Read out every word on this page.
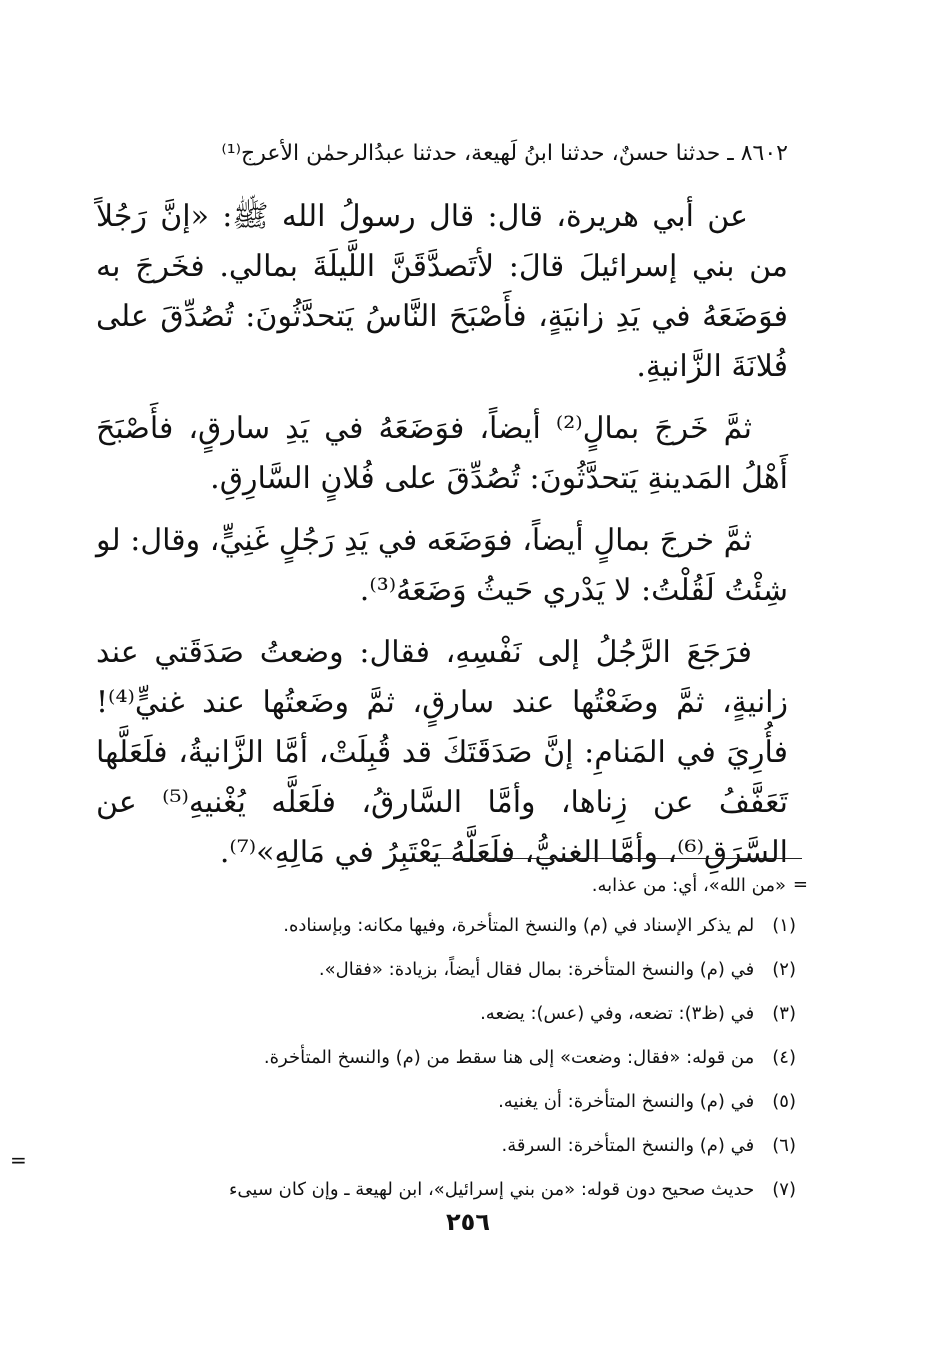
٨٦٠٢ ـ حدثنا حسنٌ، حدثنا ابنُ لَهيعة، حدثنا عبدُالرحمٰن الأعرج⁽¹⁾

عن أبي هريرة، قال: قال رسولُ الله ﷺ: «إنَّ رَجُلاً من بني إسرائيلَ قالَ: لأتَصدَّقَنَّ اللَّيلَةَ بمالي. فخَرجَ به فوَضَعَهُ في يَدِ زانيَةٍ، فأَصْبَحَ النَّاسُ يَتحدَّثُونَ: تُصُدِّقَ على فُلانَةَ الزَّانيةِ.

ثمَّ خَرجَ بمالٍ⁽²⁾ أيضاً، فوَضَعَهُ في يَدِ سارقٍ، فأَصْبَحَ أَهْلُ المَدينةِ يَتحدَّثُونَ: تُصُدِّقَ على فُلانٍ السَّارِقِ.

ثمَّ خرجَ بمالٍ أيضاً، فوَضَعَه في يَدِ رَجُلٍ غَنِيٍّ، وقال: لو شِئْتُ لَقُلْتُ: لا يَدْري حَيثُ وَضَعَهُ⁽³⁾.

فرَجَعَ الرَّجُلُ إلى نَفْسِهِ، فقال: وضعتُ صَدَقَتي عند زانيةٍ، ثمَّ وضَعْتُها عند سارقٍ، ثمَّ وضَعتُها عند غنيٍّ⁽⁴⁾! فأُرِيَ في المَنامِ: إنَّ صَدَقَتَكَ قد قُبِلَتْ، أمَّا الزَّانيةُ، فلَعَلَّها تَعَفَّفُ عن زِناها، وأمَّا السَّارقُ، فلَعَلَّه يُغْنيهِ⁽⁵⁾ عن السَّرَقِ⁽⁶⁾، وأمَّا الغنيُّ، فلَعَلَّهُ يَعْتَبِرُ في مَالِهِ»⁽⁷⁾.

=
«من الله»، أي: من عذابه.
(١) لم يذكر الإسناد في (م) والنسخ المتأخرة، وفيها مكانه: وبإسناده.
(٢) في (م) والنسخ المتأخرة: بمال فقال أيضاً، بزيادة: «فقال».
(٣) في (ظ٣): تضعه، وفي (عس): يضعه.
(٤) من قوله: «فقال: وضعت» إلى هنا سقط من (م) والنسخ المتأخرة.
(٥) في (م) والنسخ المتأخرة: أن يغنيه.
(٦) في (م) والنسخ المتأخرة: السرقة.
(٧) حديث صحيح دون قوله: «من بني إسرائيل»، ابن لهيعة ـ وإن كان سيىء
=
٢٥٦
